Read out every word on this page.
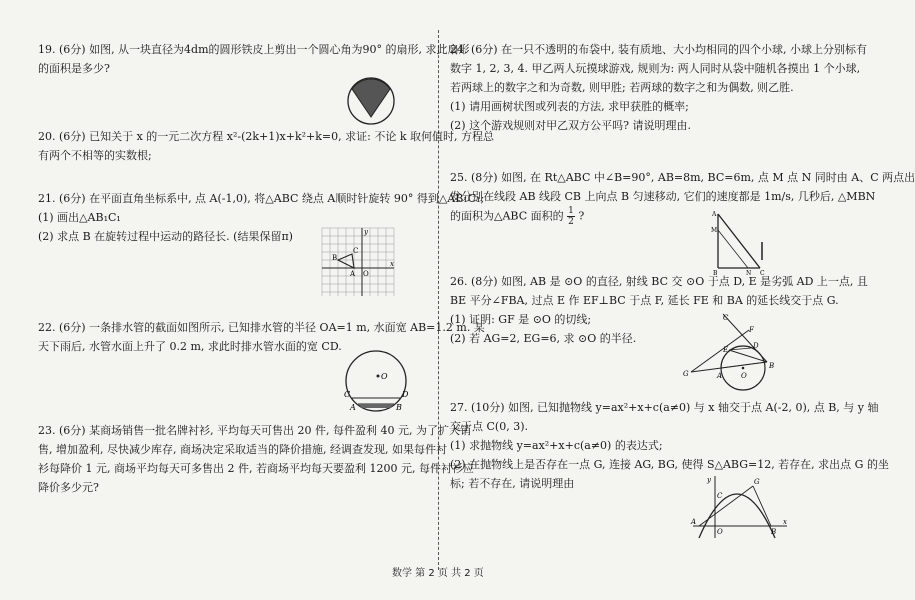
19. (6分) 如图, 从一块直径为4dm的圆形铁皮上剪出一个圆心角为90° 的扇形, 求此扇形

的面积是多少?

20. (6分) 已知关于 x 的一元二次方程 x²-(2k+1)x+k²+k=0, 求证: 不论 k 取何值时, 方程总

有两个不相等的实数根;

21. (6分) 在平面直角坐标系中, 点 A(-1,0), 将△ABC 绕点 A顺时针旋转 90° 得到△AB₁C₁;

(1) 画出△AB₁C₁

(2) 求点 B 在旋转过程中运动的路径长. (结果保留π)	y
B
C
A O
x

22. (6分) 一条排水管的截面如图所示, 已知排水管的半径 OA=1 m, 水面宽 AB=1.2 m. 某

天下雨后, 水管水面上升了 0.2 m, 求此时排水管水面的宽 CD.

O
C	D
A	B

23. (6分) 某商场销售一批名牌衬衫, 平均每天可售出 20 件, 每件盈利 40 元, 为了扩大销

售, 增加盈利, 尽快减少库存, 商场决定采取适当的降价措施, 经调查发现, 如果每件衬

衫每降价 1 元, 商场平均每天可多售出 2 件, 若商场平均每天要盈利 1200 元, 每件衬衫应

降价多少元?

24. (6分) 在一只不透明的布袋中, 装有质地、大小均相同的四个小球, 小球上分别标有

数字 1, 2, 3, 4. 甲乙两人玩摸球游戏, 规则为: 两人同时从袋中随机各摸出 1 个小球,

若两球上的数字之和为奇数, 则甲胜; 若两球的数字之和为偶数, 则乙胜.

(1) 请用画树状图或列表的方法, 求甲获胜的概率;

(2) 这个游戏规则对甲乙双方公平吗? 请说明理由.

25. (8分) 如图, 在 Rt△ABC 中∠B=90°, AB=8m, BC=6m, 点 M 点 N 同时由 A、C 两点出

发分别在线段 AB 线段 CB 上向点 B 匀速移动, 它们的速度都是 1m/s, 几秒后, △MBN

的面积为△ABC 面积的 $\frac{1}{2}$ ?	A
M
B	N C

26. (8分) 如图, AB 是 ⊙O 的直径, 射线 BC 交 ⊙O 于点 D, E 是劣弧 AD 上一点, 且

BE 平分∠FBA, 过点 E 作 EF⊥BC 于点 F, 延长 FE 和 BA 的延长线交于点 G.

(1) 证明: GF 是 ⊙O 的切线;

(2) 若 AG=2, EG=6, 求 ⊙O 的半径.

C
F
D
E
G	A	O
B

27. (10分) 如图, 已知抛物线 y=ax²+x+c(a≠0) 与 x 轴交于点 A(-2, 0), 点 B, 与 y 轴

交于点 C(0, 3).

(1) 求抛物线 y=ax²+x+c(a≠0) 的表达式;

(2) 在抛物线上是否存在一点 G, 连接 AG, BG, 使得 S△ABG=12, 若存在, 求出点 G 的坐

标; 若不存在, 请说明理由	y
C
G
A
O	B
x
数学 第 2 页 共 2 页
